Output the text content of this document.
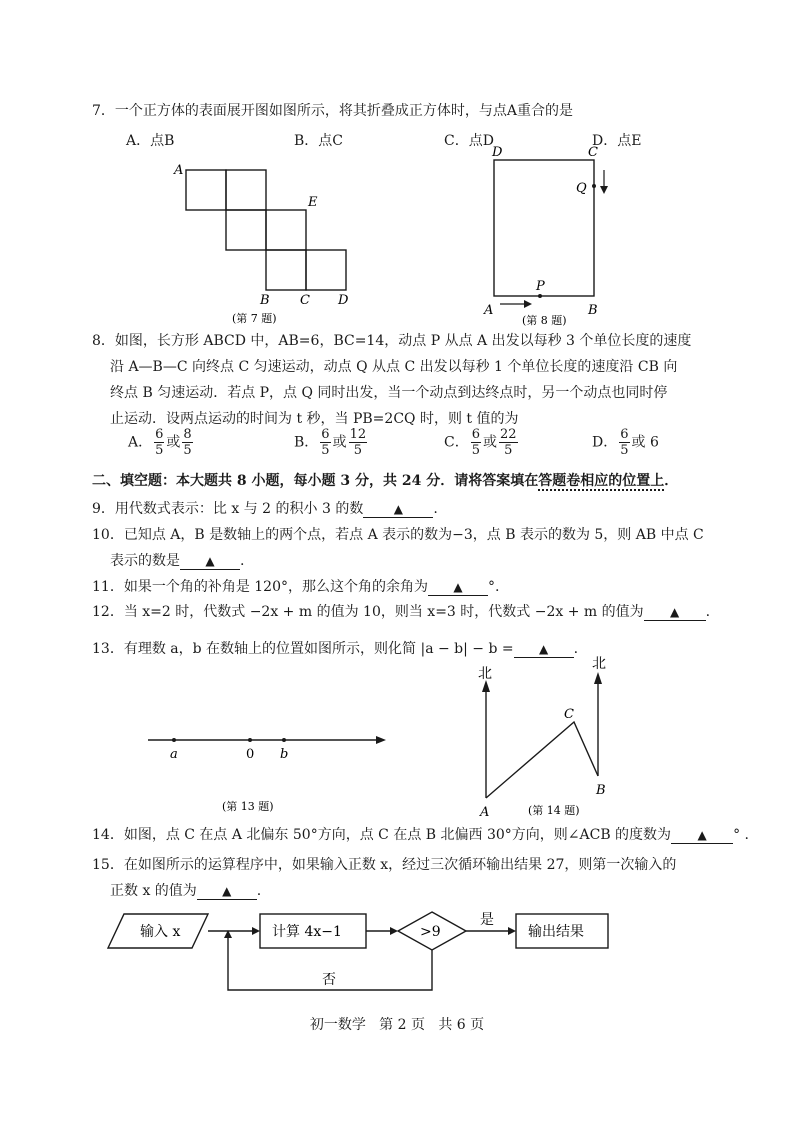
7．一个正方体的表面展开图如图所示，将其折叠成正方体时，与点A重合的是
A．点B	B．点C	C．点D	D．点E
A
E
B C D
(第 7 题)
D	C
Q
P
A	B
(第 8 题)
8．如图，长方形 ABCD 中，AB=6，BC=14，动点 P 从点 A 出发以每秒 3 个单位长度的速度
沿 A—B—C 向终点 C 匀速运动，动点 Q 从点 C 出发以每秒 1 个单位长度的速度沿 CB 向
终点 B 匀速运动．若点 P，点 Q 同时出发，当一个动点到达终点时，另一个动点也同时停
止运动．设两点运动的时间为 t 秒，当 PB=2CQ 时，则 t 值的为
A． $\frac{6}{5}$ 或 $\frac{8}{5}$	B． $\frac{6}{5}$ 或 $\frac{12}{5}$	C． $\frac{6}{5}$ 或 $\frac{22}{5}$	D． $\frac{6}{5}$ 或 6
二、填空题：本大题共 8 小题，每小题 3 分，共 24 分．请将答案填在答题卷相应的位置上．
9．用代数式表示：比 x 与 2 的积小 3 的数	▲ .
10．已知点 A，B 是数轴上的两个点，若点 A 表示的数为−3，点 B 表示的数为 5，则 AB 中点 C
表示的数是 ▲ .
11．如果一个角的补角是 120°，那么这个角的余角为 ▲ °.
12．当 x=2 时，代数式 −2x + m 的值为 10，则当 x=3 时，代数式 −2x + m 的值为 ▲ .
13．有理数 a，b 在数轴上的位置如图所示，则化简 |a − b| − b = ▲ .
a	0 b
(第 13 题)
北
北
C
A
B
(第 14 题)
14．如图，点 C 在点 A 北偏东 50°方向，点 C 在点 B 北偏西 30°方向，则∠ACB 的度数为 ▲ ° .
15．在如图所示的运算程序中，如果输入正数 x，经过三次循环输出结果 27，则第一次输入的
正数 x 的值为 ▲ .
输入 x	计算 4x−1	>9
是
输出结果
否
初一数学   第 2 页   共 6 页
